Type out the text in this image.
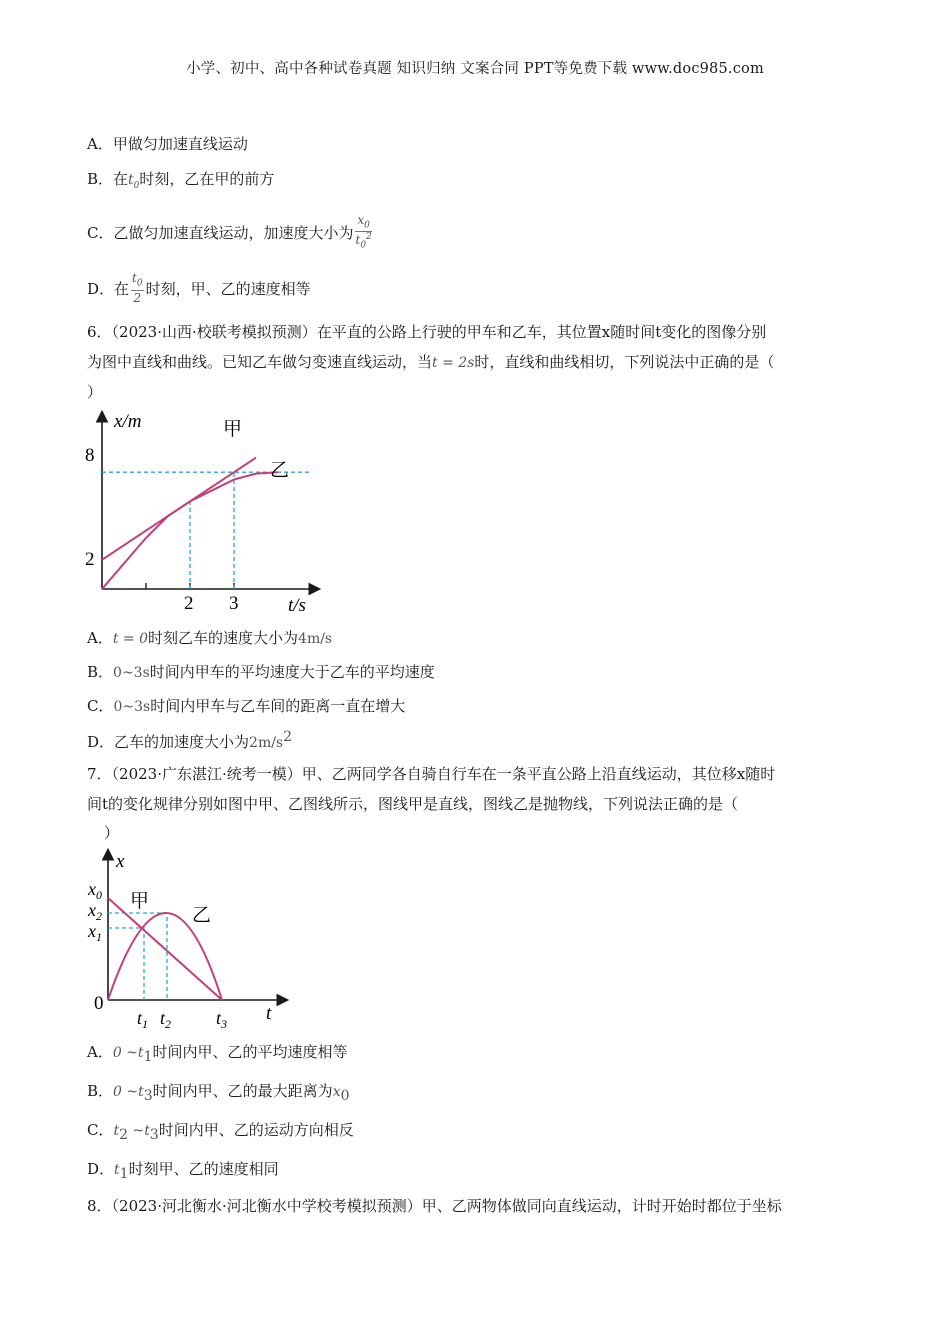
小学、初中、高中各种试卷真题 知识归纳 文案合同 PPT等免费下载 www.doc985.com
A．甲做匀加速直线运动
B．在$t_0$时刻，乙在甲的前方
C．乙做匀加速直线运动，加速度大小为 $\frac{x_0}{t_0^2}$
D．在 $\frac{t_0}{2}$ 时刻，甲、乙的速度相等
6．（2023·山西·校联考模拟预测）在平直的公路上行驶的甲车和乙车，其位置x随时间t变化的图像分别
为图中直线和曲线。已知乙车做匀变速直线运动，当t = 2s时，直线和曲线相切，下列说法中正确的是（
）
x/m
t/s
8
2
2 3
甲
乙
A．t = 0时刻乙车的速度大小为4m/s
B．0~3s时间内甲车的平均速度大于乙车的平均速度
C．0~3s时间内甲车与乙车间的距离一直在增大
D．乙车的加速度大小为$2m/s^2$
7．（2023·广东湛江·统考一模）甲、乙两同学各自骑自行车在一条平直公路上沿直线运动，其位移x随时
间t的变化规律分别如图中甲、乙图线所示，图线甲是直线，图线乙是抛物线，下列说法正确的是（
）
x
t
0
$x_0$
$x_2$
$x_1$
$t_1$ $t_2$ $t_3$
甲
乙
A．0 $\sim t_1$时间内甲、乙的平均速度相等
B．0 $\sim t_3$时间内甲、乙的最大距离为$x_0$
C．$t_2$ $\sim t_3$时间内甲、乙的运动方向相反
D．$t_1$时刻甲、乙的速度相同
8．（2023·河北衡水·河北衡水中学校考模拟预测）甲、乙两物体做同向直线运动，计时开始时都位于坐标
